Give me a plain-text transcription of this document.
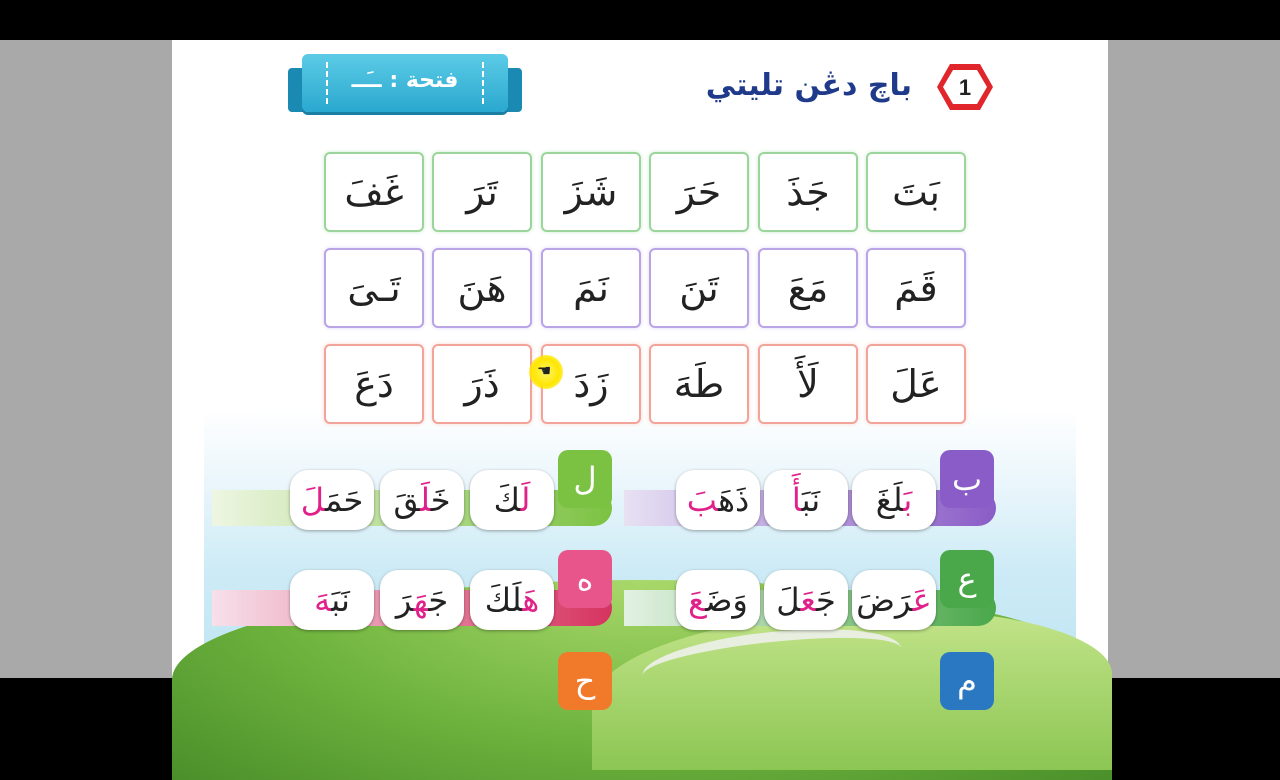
1
باچ دڠن تليتي
فتحة : ــَــ
بَتَ
جَذَ
حَرَ
شَزَ
تَرَ
غَفَ
قَمَ
مَعَ
تَنَ
نَمَ
هَنَ
تَـىَ
عَلَ
لَأَ
طَهَ
زَدَ
ذَرَ
دَعَ	☚
بَلَغَ
نَبَأَ
ذَهَبَ
ب
لَكَ
خَلَقَ
حَمَلَ
ل
عَرَضَ
جَعَلَ
وَضَعَ
ع
هَلَكَ
جَهَرَ
نَبَهَ
ه
ح	م
